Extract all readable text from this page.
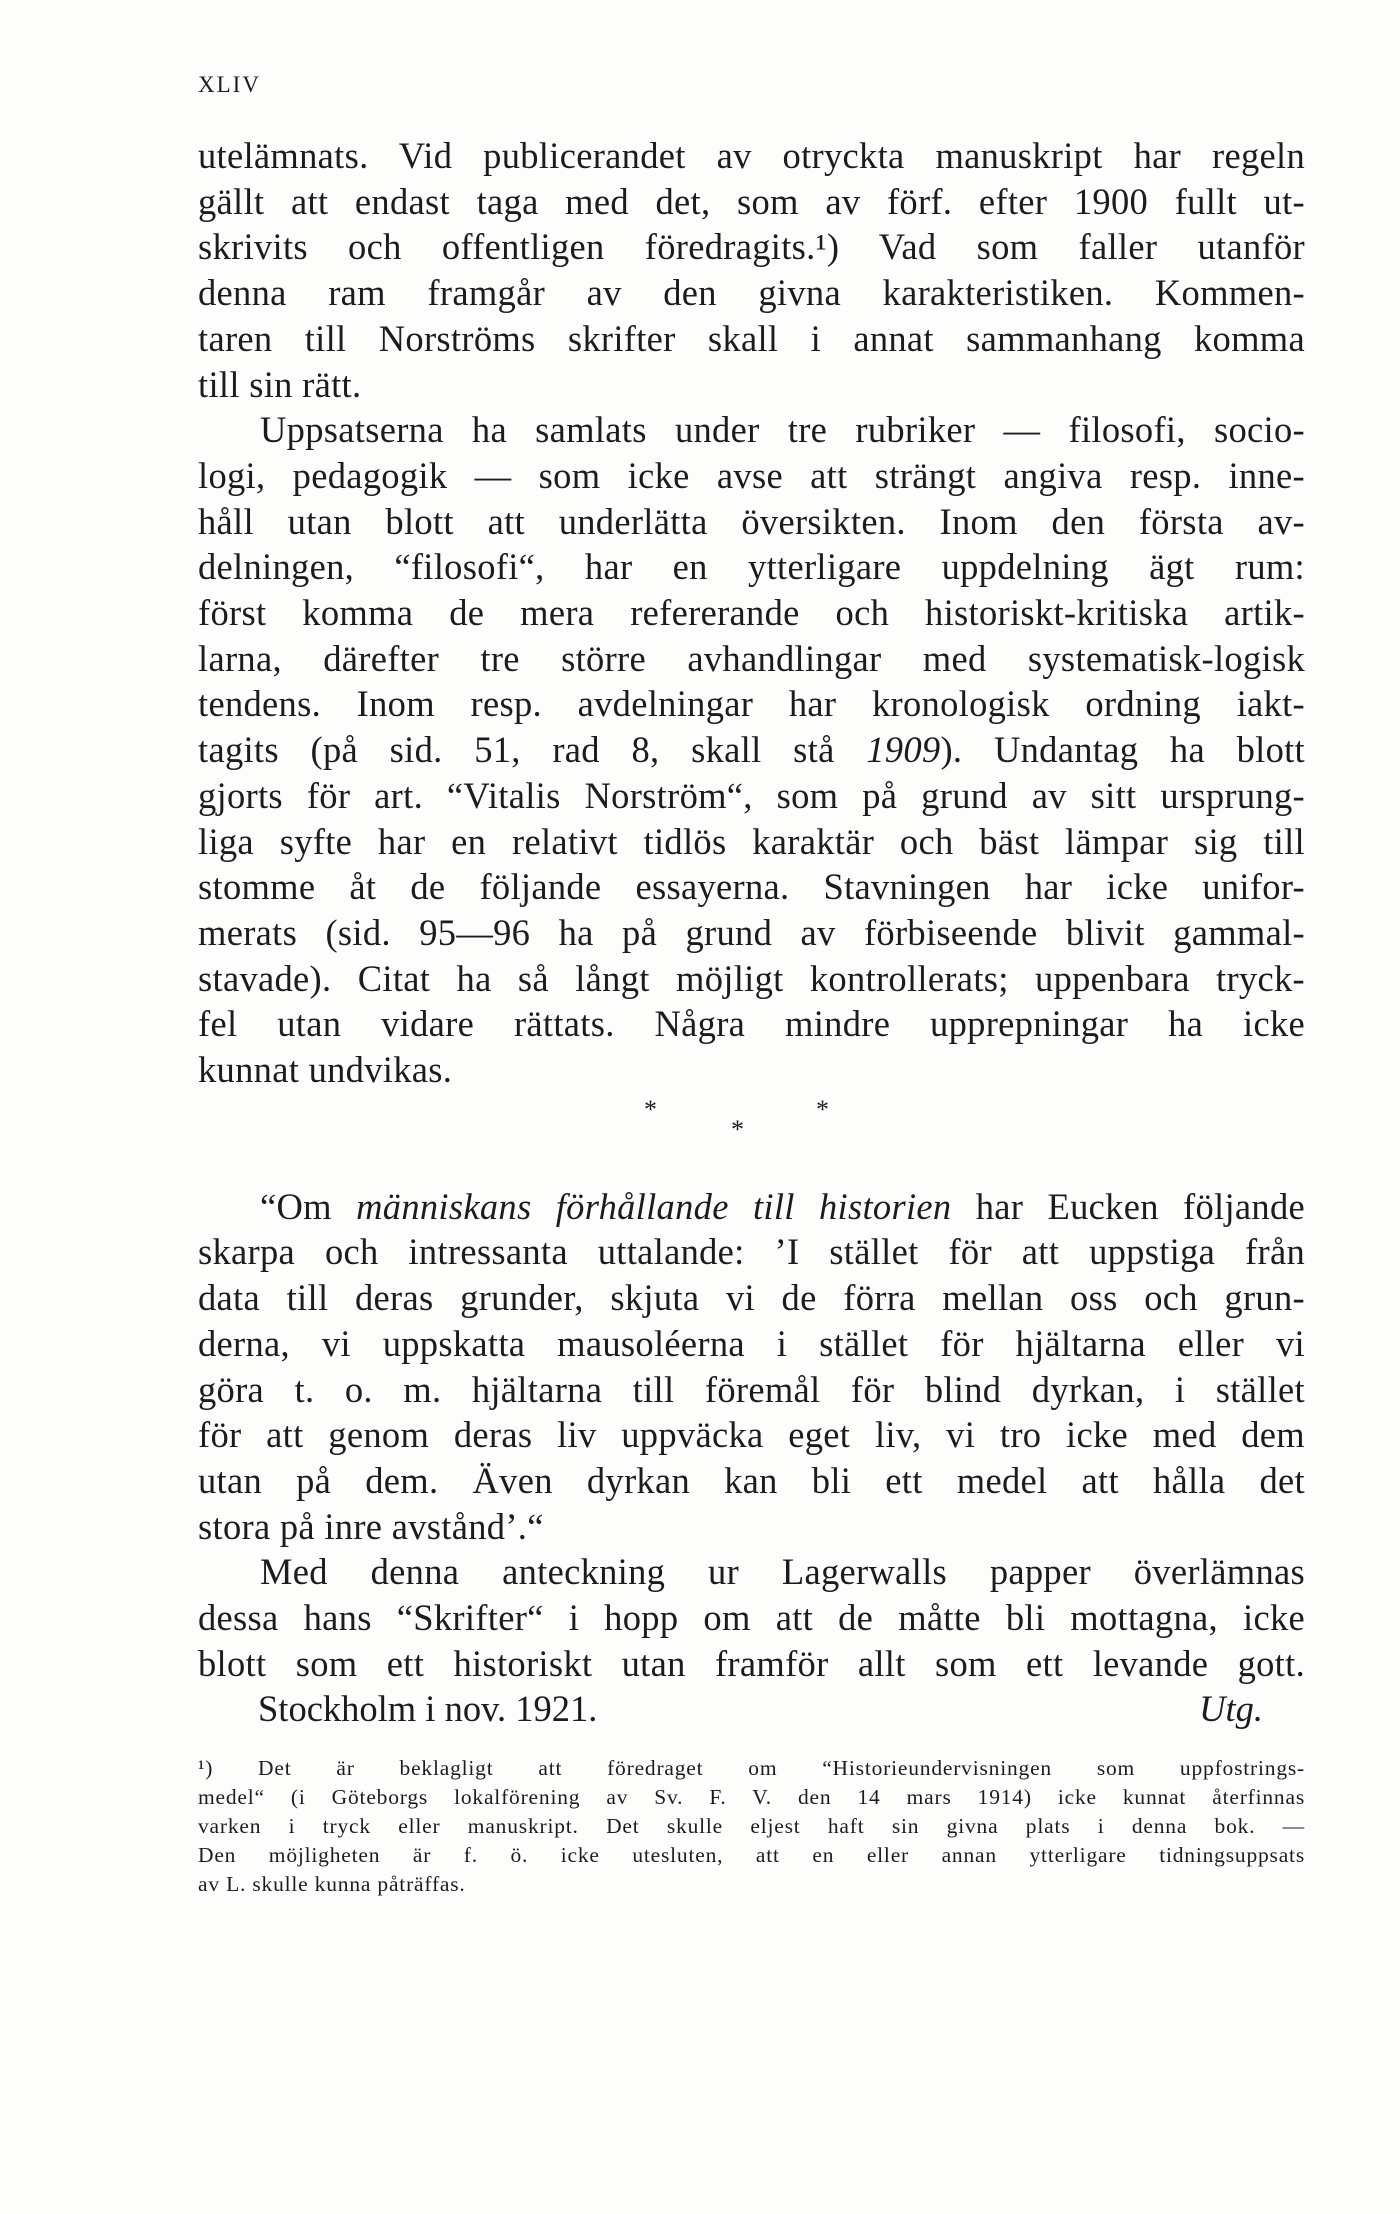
XLIV

utelämnats. Vid publicerandet av otryckta manuskript har regeln
gällt att endast taga med det, som av förf. efter 1900 fullt ut-
skrivits och offentligen föredragits.¹) Vad som faller utanför
denna ram framgår av den givna karakteristiken. Kommen-
taren till Norströms skrifter skall i annat sammanhang komma
till sin rätt.

Uppsatserna ha samlats under tre rubriker — filosofi, socio-
logi, pedagogik — som icke avse att strängt angiva resp. inne-
håll utan blott att underlätta översikten. Inom den första av-
delningen, “filosofi“, har en ytterligare uppdelning ägt rum:
först komma de mera refererande och historiskt-kritiska artik-
larna, därefter tre större avhandlingar med systematisk-logisk
tendens. Inom resp. avdelningar har kronologisk ordning iakt-
tagits (på sid. 51, rad 8, skall stå 1909). Undantag ha blott
gjorts för art. “Vitalis Norström“, som på grund av sitt ursprung-
liga syfte har en relativt tidlös karaktär och bäst lämpar sig till
stomme åt de följande essayerna. Stavningen har icke unifor-
merats (sid. 95—96 ha på grund av förbiseende blivit gammal-
stavade). Citat ha så långt möjligt kontrollerats; uppenbara tryck-
fel utan vidare rättats. Några mindre upprepningar ha icke
kunnat undvikas.

*
*
*

“Om människans förhållande till historien har Eucken följande
skarpa och intressanta uttalande: ’I stället för att uppstiga från
data till deras grunder, skjuta vi de förra mellan oss och grun-
derna, vi uppskatta mausoléerna i stället för hjältarna eller vi
göra t. o. m. hjältarna till föremål för blind dyrkan, i stället
för att genom deras liv uppväcka eget liv, vi tro icke med dem
utan på dem. Även dyrkan kan bli ett medel att hålla det
stora på inre avstånd’.“

Med denna anteckning ur Lagerwalls papper överlämnas
dessa hans “Skrifter“ i hopp om att de måtte bli mottagna, icke
blott som ett historiskt utan framför allt som ett levande gott.

Stockholm i nov. 1921.	Utg.
¹) Det är beklagligt att föredraget om “Historieundervisningen som uppfostrings-
medel“ (i Göteborgs lokalförening av Sv. F. V. den 14 mars 1914) icke kunnat återfinnas
varken i tryck eller manuskript. Det skulle eljest haft sin givna plats i denna bok. —
Den möjligheten är f. ö. icke utesluten, att en eller annan ytterligare tidningsuppsats
av L. skulle kunna påträffas.
